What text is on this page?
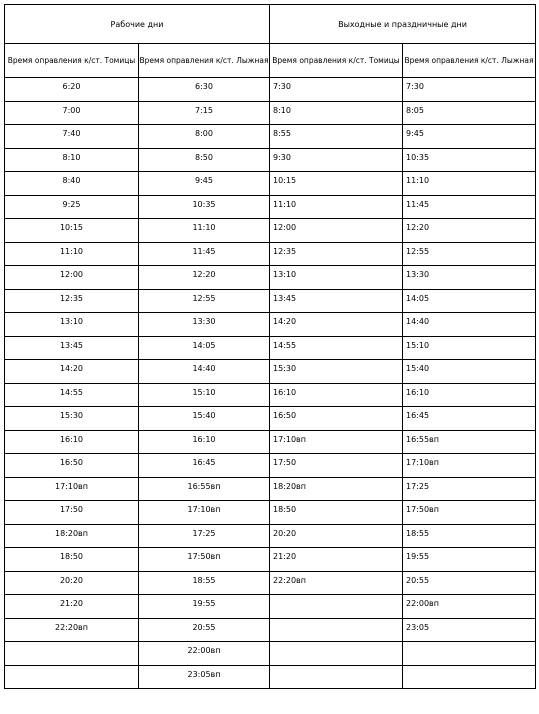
Рабочие дни		Выходные и праздничные дни	
Время оправления к/ст. Томицы	Время оправления к/ст. Лыжная	Время оправления к/ст. Томицы	Время оправления к/ст. Лыжная
6:20	6:30	7:30	7:30
7:00	7:15	8:10	8:05
7:40	8:00	8:55	9:45
8:10	8:50	9:30	10:35
8:40	9:45	10:15	11:10
9:25	10:35	11:10	11:45
10:15	11:10	12:00	12:20
11:10	11:45	12:35	12:55
12:00	12:20	13:10	13:30
12:35	12:55	13:45	14:05
13:10	13:30	14:20	14:40
13:45	14:05	14:55	15:10
14:20	14:40	15:30	15:40
14:55	15:10	16:10	16:10
15:30	15:40	16:50	16:45
16:10	16:10	17:10вп	16:55вп
16:50	16:45	17:50	17:10вп
17:10вп	16:55вп	18:20вп	17:25
17:50	17:10вп	18:50	17:50вп
18:20вп	17:25	20:20	18:55
18:50	17:50вп	21:20	19:55
20:20	18:55	22:20вп	20:55
21:20	19:55		22:00вп
22:20вп	20:55		23:05
	22:00вп		
	23:05вп		
